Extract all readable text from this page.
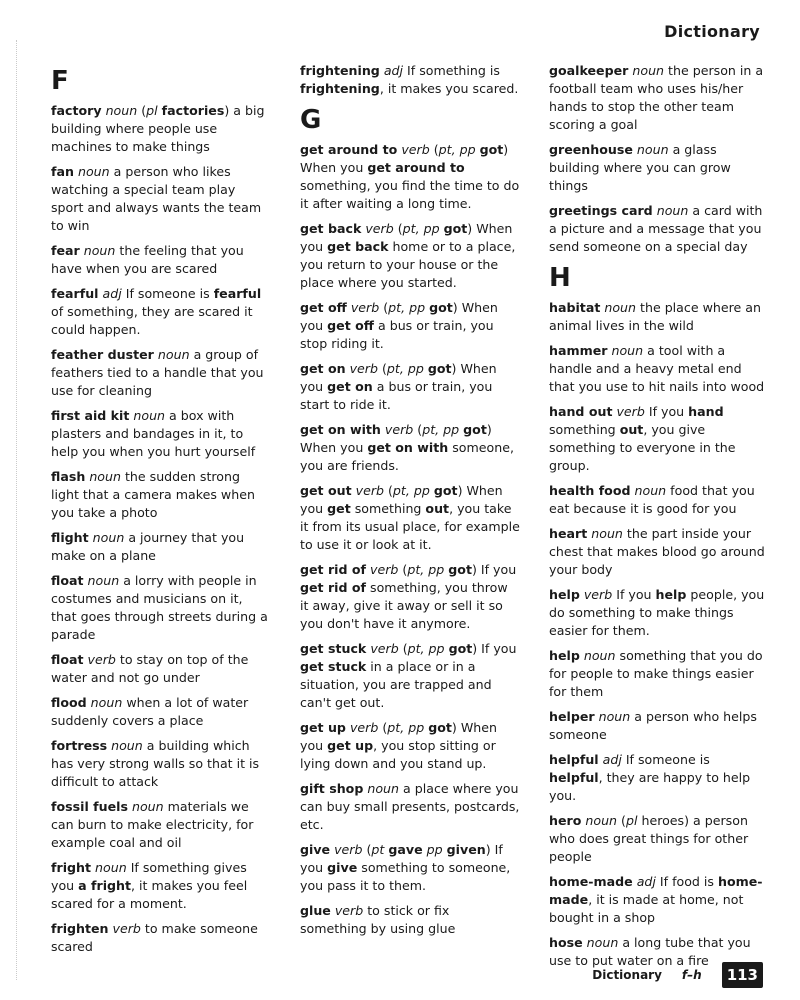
Dictionary
F
factory noun (pl factories) a big building where people use machines to make things
fan noun a person who likes watching a special team play sport and always wants the team to win
fear noun the feeling that you have when you are scared
fearful adj If someone is fearful of something, they are scared it could happen.
feather duster noun a group of feathers tied to a handle that you use for cleaning
first aid kit noun a box with plasters and bandages in it, to help you when you hurt yourself
flash noun the sudden strong light that a camera makes when you take a photo
flight noun a journey that you make on a plane
float noun a lorry with people in costumes and musicians on it, that goes through streets during a parade
float verb to stay on top of the water and not go under
flood noun when a lot of water suddenly covers a place
fortress noun a building which has very strong walls so that it is difficult to attack
fossil fuels noun materials we can burn to make electricity, for example coal and oil
fright noun If something gives you a fright, it makes you feel scared for a moment.
frighten verb to make someone scared
frightening adj If something is frightening, it makes you scared.
G
get around to verb (pt, pp got) When you get around to something, you find the time to do it after waiting a long time.
get back verb (pt, pp got) When you get back home or to a place, you return to your house or the place where you started.
get off verb (pt, pp got) When you get off a bus or train, you stop riding it.
get on verb (pt, pp got) When you get on a bus or train, you start to ride it.
get on with verb (pt, pp got) When you get on with someone, you are friends.
get out verb (pt, pp got) When you get something out, you take it from its usual place, for example to use it or look at it.
get rid of verb (pt, pp got) If you get rid of something, you throw it away, give it away or sell it so you don't have it anymore.
get stuck verb (pt, pp got) If you get stuck in a place or in a situation, you are trapped and can't get out.
get up verb (pt, pp got) When you get up, you stop sitting or lying down and you stand up.
gift shop noun a place where you can buy small presents, postcards, etc.
give verb (pt gave pp given) If you give something to someone, you pass it to them.
glue verb to stick or fix something by using glue
goalkeeper noun the person in a football team who uses his/her hands to stop the other team scoring a goal
greenhouse noun a glass building where you can grow things
greetings card noun a card with a picture and a message that you send someone on a special day
H
habitat noun the place where an animal lives in the wild
hammer noun a tool with a handle and a heavy metal end that you use to hit nails into wood
hand out verb If you hand something out, you give something to everyone in the group.
health food noun food that you eat because it is good for you
heart noun the part inside your chest that makes blood go around your body
help verb If you help people, you do something to make things easier for them.
help noun something that you do for people to make things easier for them
helper noun a person who helps someone
helpful adj If someone is helpful, they are happy to help you.
hero noun (pl heroes) a person who does great things for other people
home-made adj If food is home-made, it is made at home, not bought in a shop
hose noun a long tube that you use to put water on a fire
Dictionary f–h	113
